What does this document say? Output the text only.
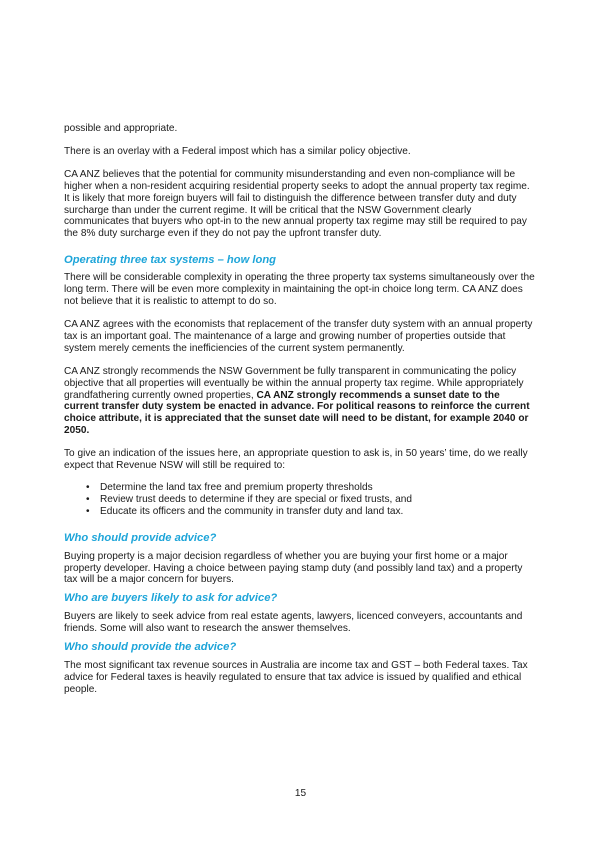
possible and appropriate.

There is an overlay with a Federal impost which has a similar policy objective.

CA ANZ believes that the potential for community misunderstanding and even non-compliance will be higher when a non-resident acquiring residential property seeks to adopt the annual property tax regime. It is likely that more foreign buyers will fail to distinguish the difference between transfer duty and duty surcharge than under the current regime. It will be critical that the NSW Government clearly communicates that buyers who opt-in to the new annual property tax regime may still be required to pay the 8% duty surcharge even if they do not pay the upfront transfer duty.

Operating three tax systems – how long

There will be considerable complexity in operating the three property tax systems simultaneously over the long term. There will be even more complexity in maintaining the opt-in choice long term. CA ANZ does not believe that it is realistic to attempt to do so.

CA ANZ agrees with the economists that replacement of the transfer duty system with an annual property tax is an important goal. The maintenance of a large and growing number of properties outside that system merely cements the inefficiencies of the current system permanently.

CA ANZ strongly recommends the NSW Government be fully transparent in communicating the policy objective that all properties will eventually be within the annual property tax regime. While appropriately grandfathering currently owned properties, CA ANZ strongly recommends a sunset date to the current transfer duty system be enacted in advance. For political reasons to reinforce the current choice attribute, it is appreciated that the sunset date will need to be distant, for example 2040 or 2050.

To give an indication of the issues here, an appropriate question to ask is, in 50 years’ time, do we really expect that Revenue NSW will still be required to:

• Determine the land tax free and premium property thresholds
• Review trust deeds to determine if they are special or fixed trusts, and
• Educate its officers and the community in transfer duty and land tax.
Who should provide advice?

Buying property is a major decision regardless of whether you are buying your first home or a major property developer. Having a choice between paying stamp duty (and possibly land tax) and a property tax will be a major concern for buyers.

Who are buyers likely to ask for advice?

Buyers are likely to seek advice from real estate agents, lawyers, licenced conveyers, accountants and friends. Some will also want to research the answer themselves.

Who should provide the advice?

The most significant tax revenue sources in Australia are income tax and GST – both Federal taxes. Tax advice for Federal taxes is heavily regulated to ensure that tax advice is issued by qualified and ethical people.

15
